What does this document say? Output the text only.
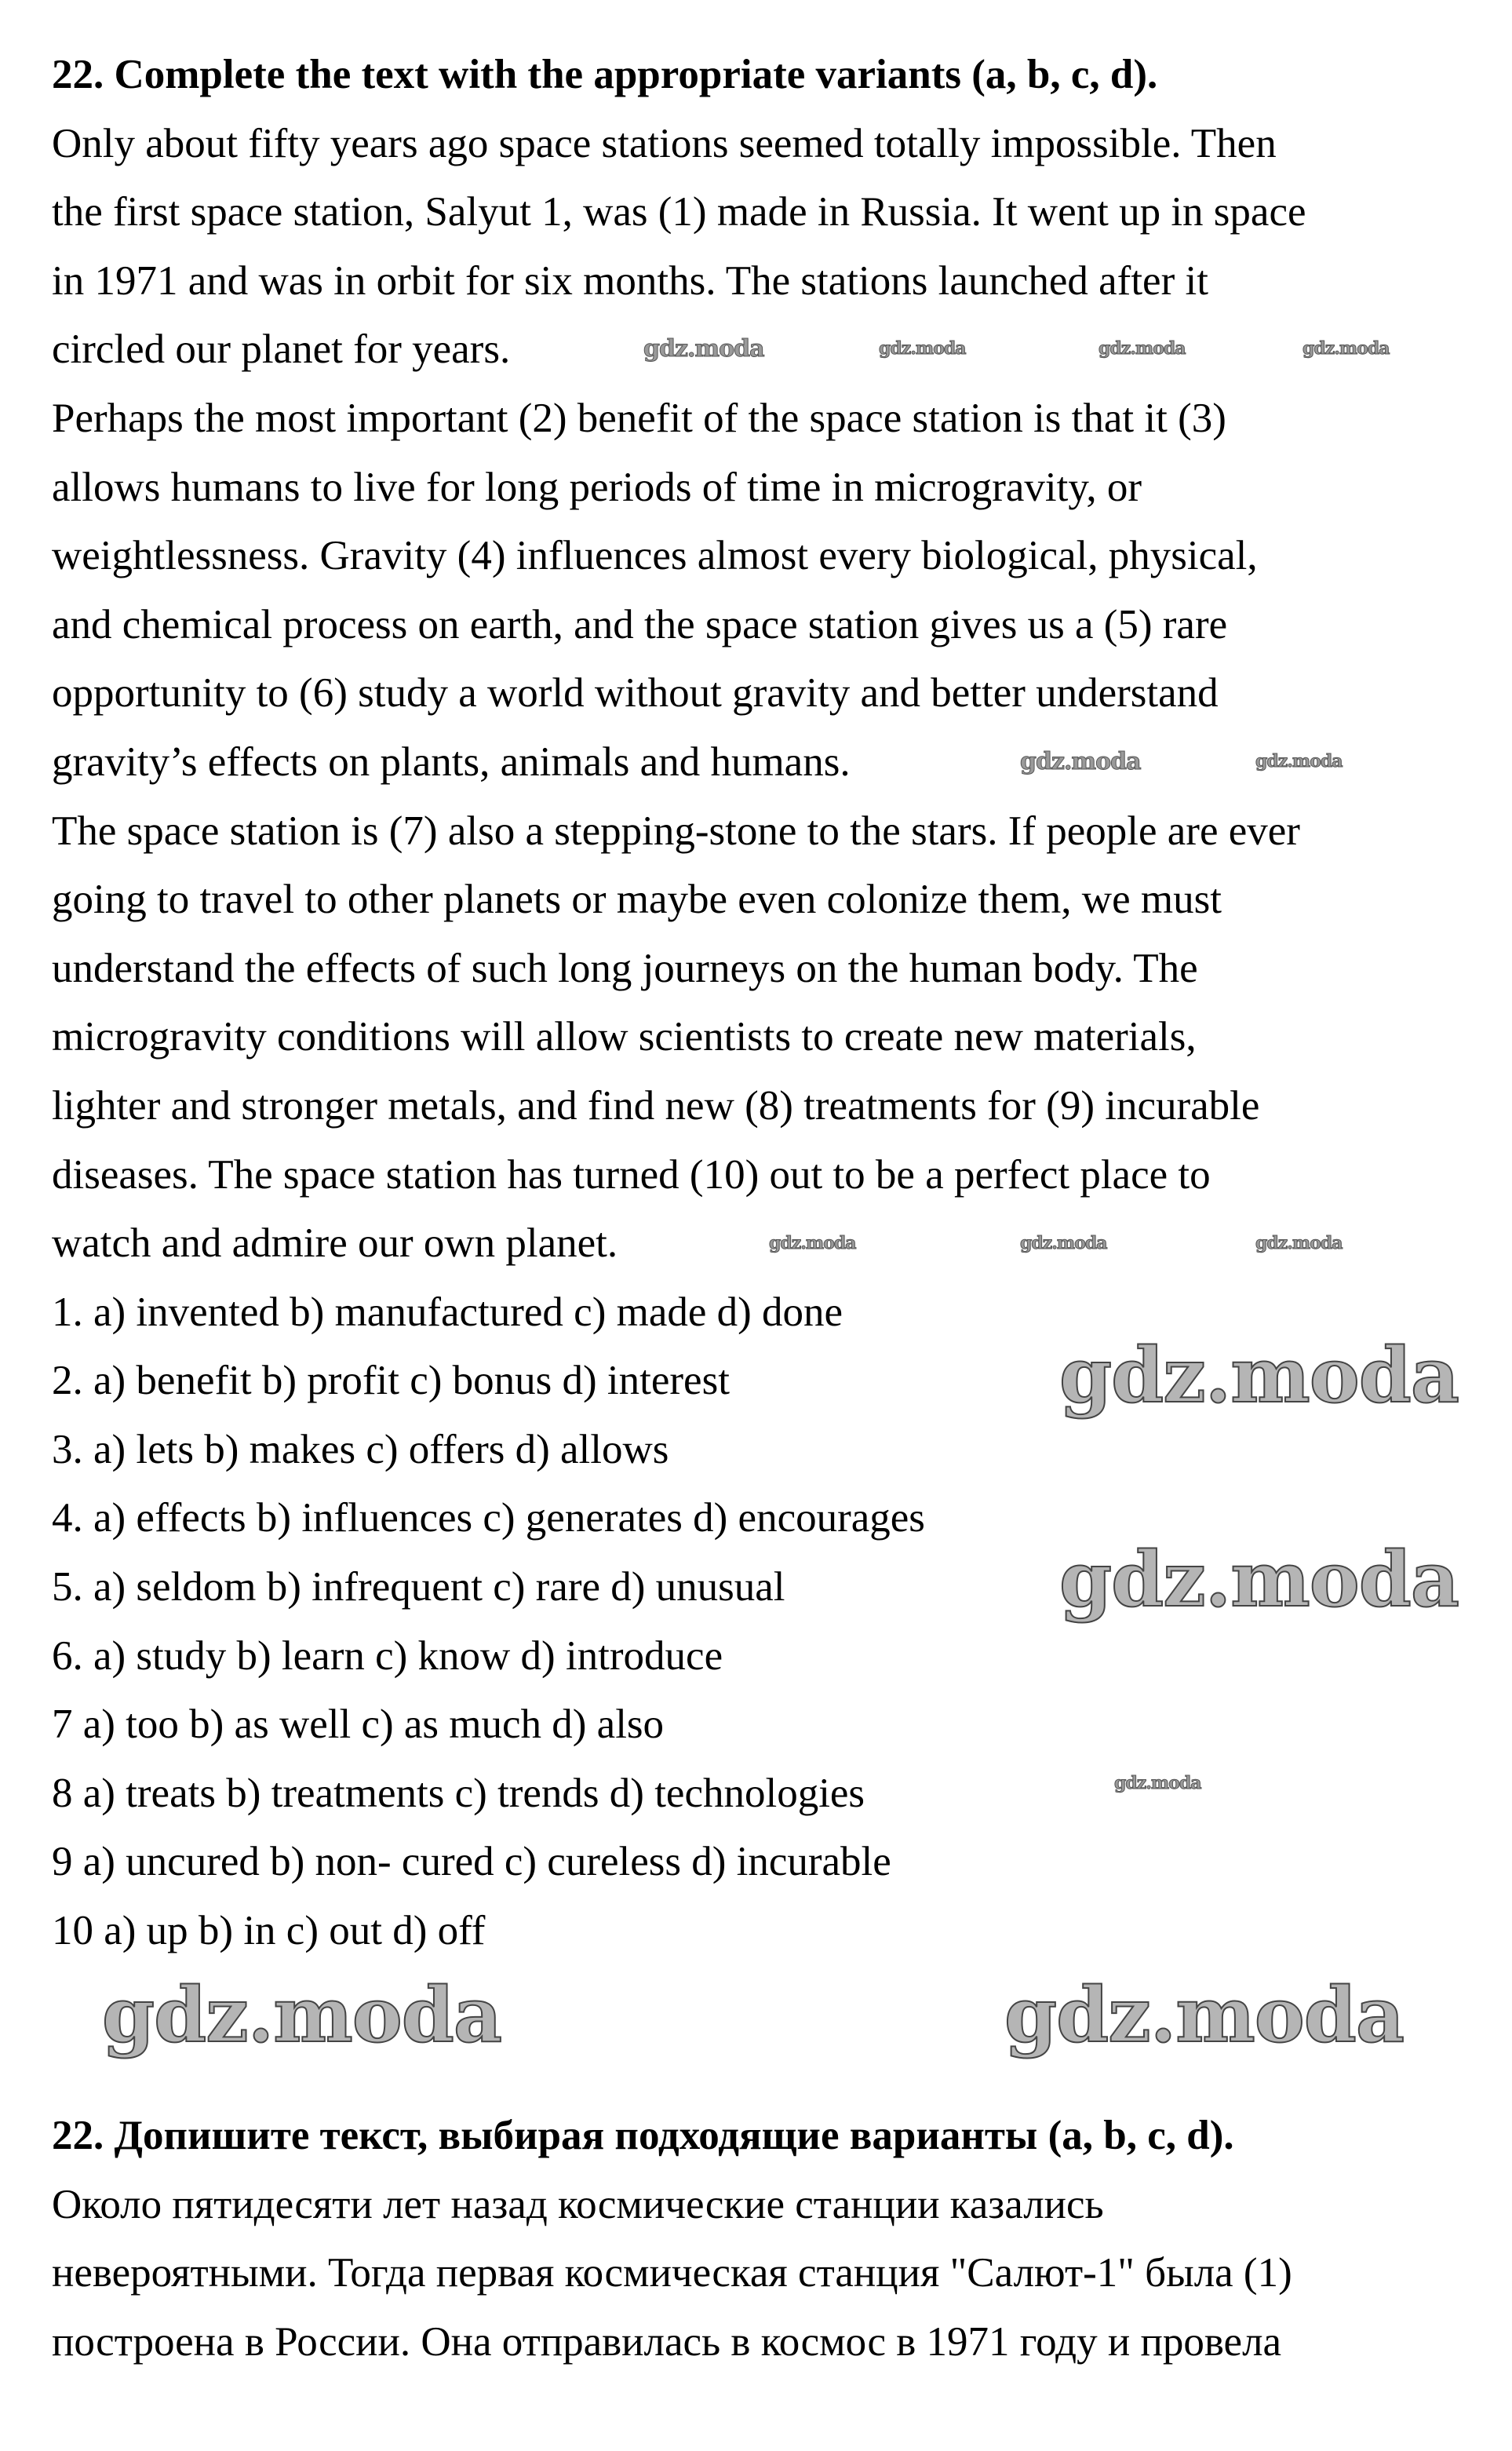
22. Complete the text with the appropriate variants (a, b, c, d).
Only about fifty years ago space stations seemed totally impossible. Then
the first space station, Salyut 1, was (1) made in Russia. It went up in space
in 1971 and was in orbit for six months. The stations launched after it
circled our planet for years.
Perhaps the most important (2) benefit of the space station is that it (3)
allows humans to live for long periods of time in microgravity, or
weightlessness. Gravity (4) influences almost every biological, physical,
and chemical process on earth, and the space station gives us a (5) rare
opportunity to (6) study a world without gravity and better understand
gravity’s effects on plants, animals and humans.
The space station is (7) also a stepping-stone to the stars. If people are ever
going to travel to other planets or maybe even colonize them, we must
understand the effects of such long journeys on the human body. The
microgravity conditions will allow scientists to create new materials,
lighter and stronger metals, and find new (8) treatments for (9) incurable
diseases. The space station has turned (10) out to be a perfect place to
watch and admire our own planet.
1. a) invented b) manufactured c) made d) done
2. a) benefit b) profit c) bonus d) interest
3. a) lets b) makes c) offers d) allows
4. a) effects b) influences c) generates d) encourages
5. a) seldom b) infrequent c) rare d) unusual
6. a) study b) learn c) know d) introduce
7 a) too b) as well c) as much d) also
8 a) treats b) treatments c) trends d) technologies
9 a) uncured b) non- cured c) cureless d) incurable
10 a) up b) in c) out d) off
22. Допишите текст, выбирая подходящие варианты (a, b, c, d).
Около пятидесяти лет назад космические станции казались
невероятными. Тогда первая космическая станция "Салют-1" была (1)
построена в России. Она отправилась в космос в 1971 году и провела
gdz.moda	gdz.moda	gdz.moda	gdz.moda
gdz.moda	gdz.moda
gdz.moda	gdz.moda	gdz.moda
gdz.moda
gdz.moda
gdz.moda
gdz.moda	gdz.moda
